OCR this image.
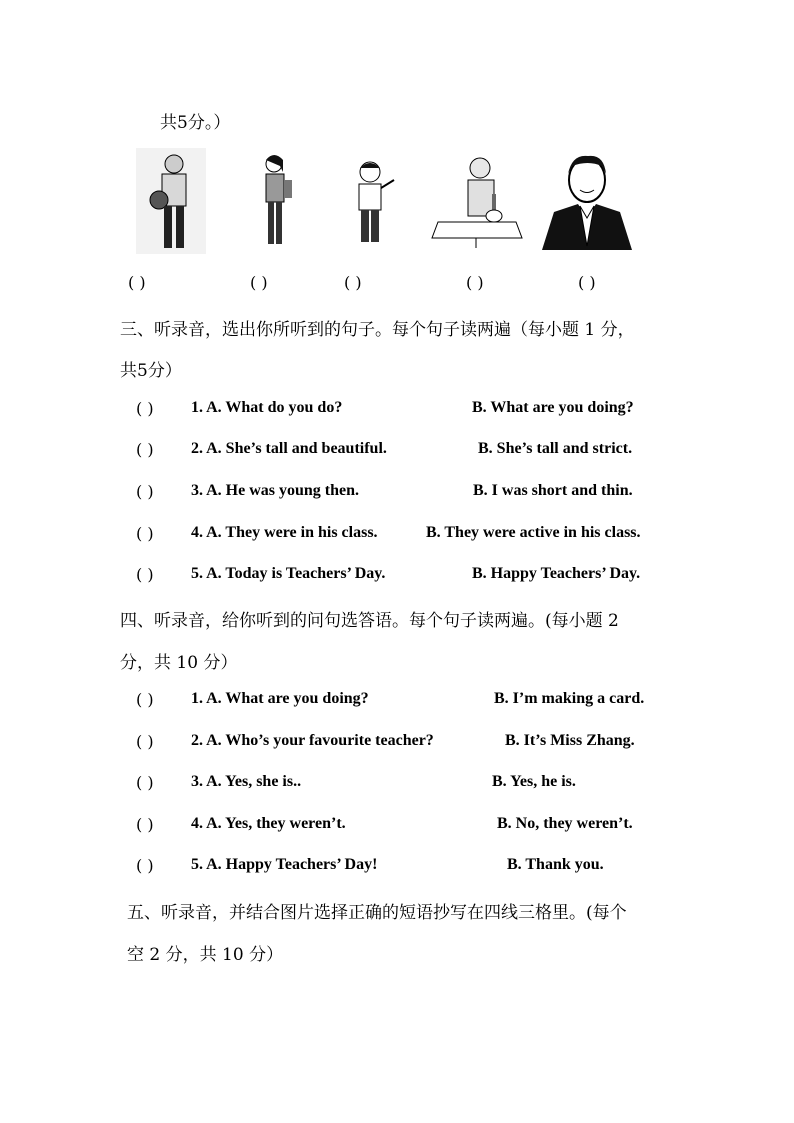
共5分。）
( )	( )	( )	( )	( )
三、听录音，选出你所听到的句子。每个句子读两遍（每小题 1 分，
共5分）
( ) 1. A. What do you do?	B. What are you doing?
( ) 2. A. She’s tall and beautiful.	B. She’s tall and strict.
( ) 3. A. He was young then.	B. I was short and thin.
( ) 4. A. They were in his class.	B. They were active in his class.
( ) 5. A. Today is Teachers’ Day.	B. Happy Teachers’ Day.
四、听录音，给你听到的问句选答语。每个句子读两遍。(每小题 2
分，共 10 分）
( ) 1. A. What are you doing?	B. I’m making a card.
( ) 2. A. Who’s your favourite teacher?	B. It’s Miss Zhang.
( ) 3. A. Yes, she is..	B. Yes, he is.
( ) 4. A. Yes, they weren’t.	B. No, they weren’t.
( ) 5. A. Happy Teachers’ Day!	B. Thank you.
五、听录音，并结合图片选择正确的短语抄写在四线三格里。(每个
空 2 分，共 10 分）
